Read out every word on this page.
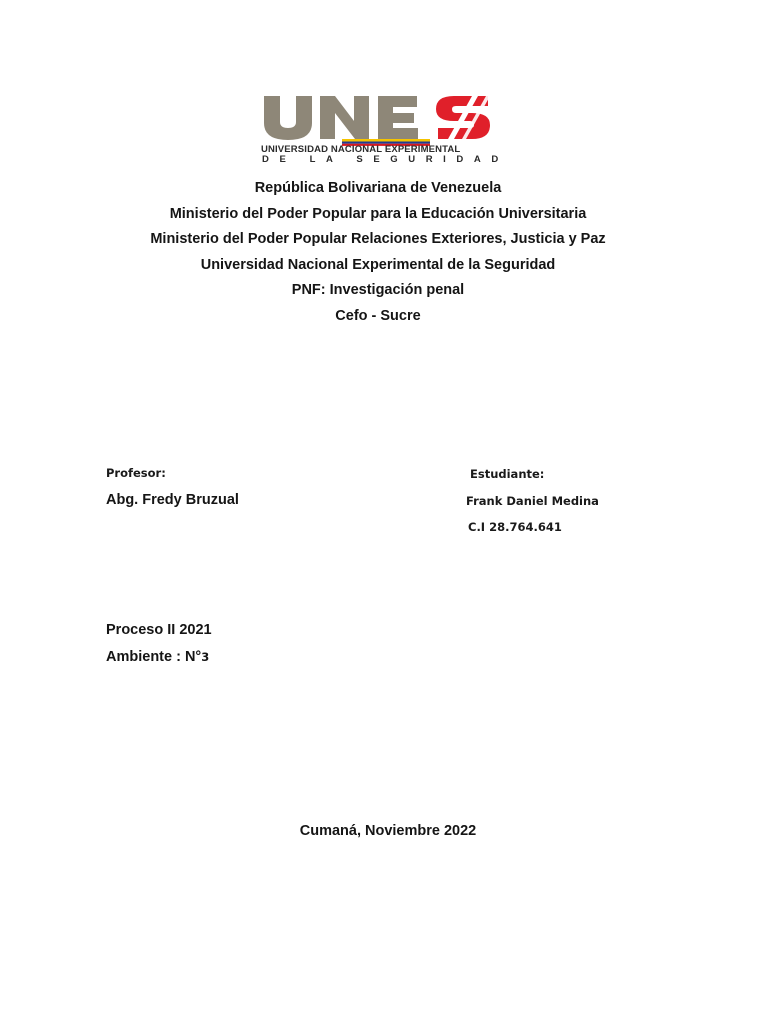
UNIVERSIDAD NACIONAL EXPERIMENTAL
DE LA SEGURIDAD
República Bolivariana de Venezuela
Ministerio del Poder Popular para la Educación Universitaria
Ministerio del Poder Popular Relaciones Exteriores, Justicia y Paz
Universidad Nacional Experimental de la Seguridad
PNF: Investigación penal
Cefo - Sucre
Profesor:
Abg. Fredy Bruzual
Estudiante:
Frank Daniel Medina
C.I 28.764.641
Proceso II 2021
Ambiente : N°3
Cumaná, Noviembre 2022
